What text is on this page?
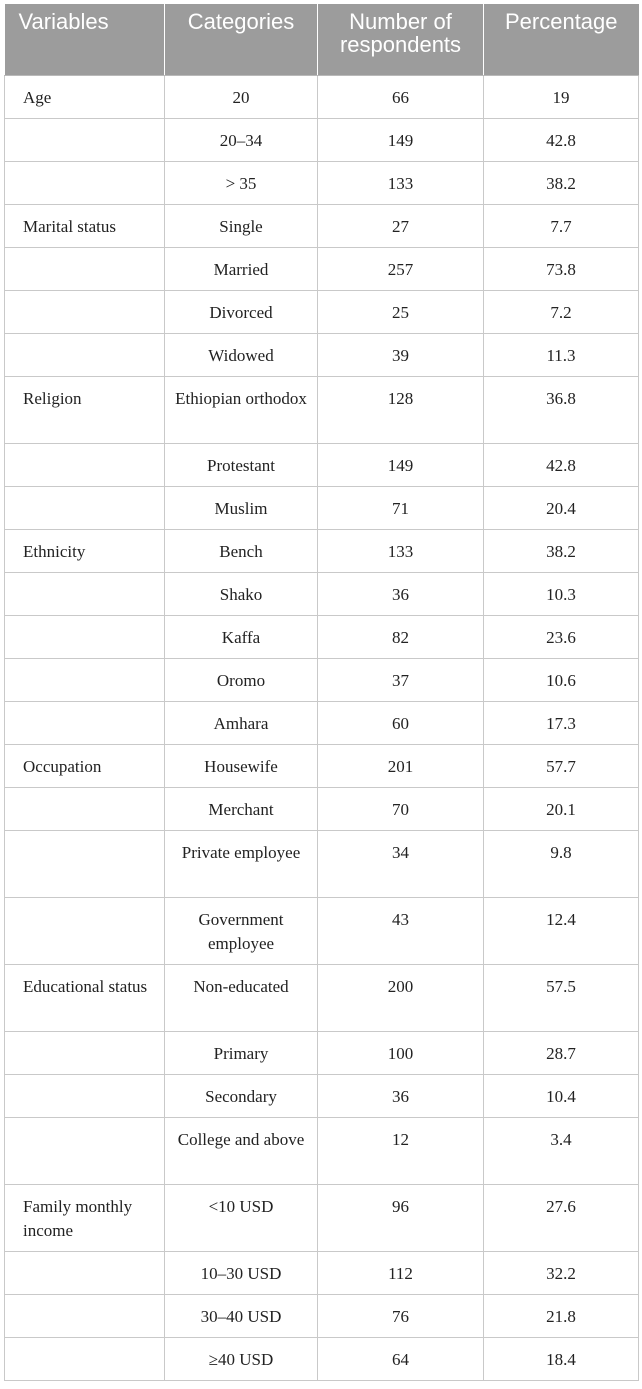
Variables	Categories	Number of respondents	Percentage
Age	20	66	19
	20–34	149	42.8
	> 35	133	38.2
Marital status	Single	27	7.7
	Married	257	73.8
	Divorced	25	7.2
	Widowed	39	11.3
Religion	Ethiopian orthodox	128	36.8
	Protestant	149	42.8
	Muslim	71	20.4
Ethnicity	Bench	133	38.2
	Shako	36	10.3
	Kaffa	82	23.6
	Oromo	37	10.6
	Amhara	60	17.3
Occupation	Housewife	201	57.7
	Merchant	70	20.1
	Private employee	34	9.8
	Government employee	43	12.4
Educational status	Non-educated	200	57.5
	Primary	100	28.7
	Secondary	36	10.4
	College and above	12	3.4
Family monthly income	<10 USD	96	27.6
	10–30 USD	112	32.2
	30–40 USD	76	21.8
	≥40 USD	64	18.4
